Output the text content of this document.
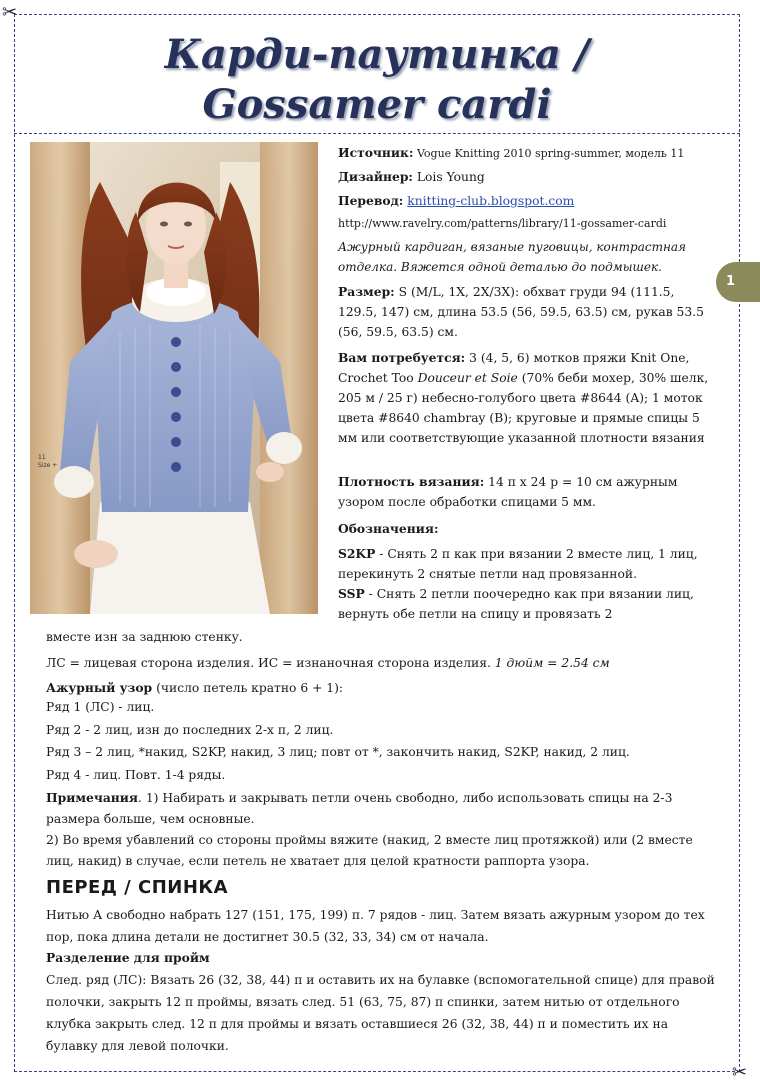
✂
✂
Карди-паутинка /
Gossamer cardi
11
Size +
1
Источник: Vogue Knitting 2010 spring-summer, модель 11
Дизайнер: Lois Young
Перевод: knitting-club.blogspot.com
http://www.ravelry.com/patterns/library/11-gossamer-cardi
Ажурный кардиган, вязаные пуговицы, контрастная отделка. Вяжется одной деталью до подмышек.
Размер: S (M/L, 1X, 2X/3X): обхват груди 94 (111.5, 129.5, 147) см, длина 53.5 (56, 59.5, 63.5) см, рукав 53.5 (56, 59.5, 63.5) см.
Вам потребуется: 3 (4, 5, 6) мотков пряжи Knit One, Crochet Too Douceur et Soie (70% беби мохер, 30% шелк, 205 м / 25 г) небесно-голубого цвета #8644 (A); 1 моток цвета #8640 chambray (B); круговые и прямые спицы 5 мм или соответствующие указанной плотности вязания
Плотность вязания: 14 п х 24 р = 10 см ажурным узором после обработки спицами 5 мм.
Обозначения:
S2KP - Снять 2 п как при вязании 2 вместе лиц, 1 лиц, перекинуть 2 снятые петли над провязанной.
SSP - Снять 2 петли поочередно как при вязании лиц, вернуть обе петли на спицу и провязать 2
вместе изн за заднюю стенку.
ЛС = лицевая сторона изделия. ИС = изнаночная сторона изделия. 1 дюйм = 2.54 см
Ажурный узор (число петель кратно 6 + 1):
Ряд 1 (ЛС) - лиц.
Ряд 2 - 2 лиц, изн до последних 2-х п, 2 лиц.
Ряд 3 – 2 лиц, *накид, S2KP, накид, 3 лиц; повт от *, закончить накид, S2KP, накид, 2 лиц.
Ряд 4 - лиц. Повт. 1-4 ряды.
Примечания. 1) Набирать и закрывать петли очень свободно, либо использовать спицы на 2-3 размера больше, чем основные.
2) Во время убавлений со стороны проймы вяжите (накид, 2 вместе лиц протяжкой) или (2 вместе лиц, накид) в случае, если петель не хватает для целой кратности раппорта узора.
ПЕРЕД / СПИНКА
Нитью А свободно набрать 127 (151, 175, 199) п. 7 рядов - лиц. Затем вязать ажурным узором до тех пор, пока длина детали не достигнет 30.5 (32, 33, 34) см от начала.
Разделение для пройм
След. ряд (ЛС): Вязать 26 (32, 38, 44) п и оставить их на булавке (вспомогательной спице) для правой полочки, закрыть 12 п проймы, вязать след. 51 (63, 75, 87) п спинки, затем нитью от отдельного клубка закрыть след. 12 п для проймы и вязать оставшиеся 26 (32, 38, 44) п и поместить их на булавку для левой полочки.
